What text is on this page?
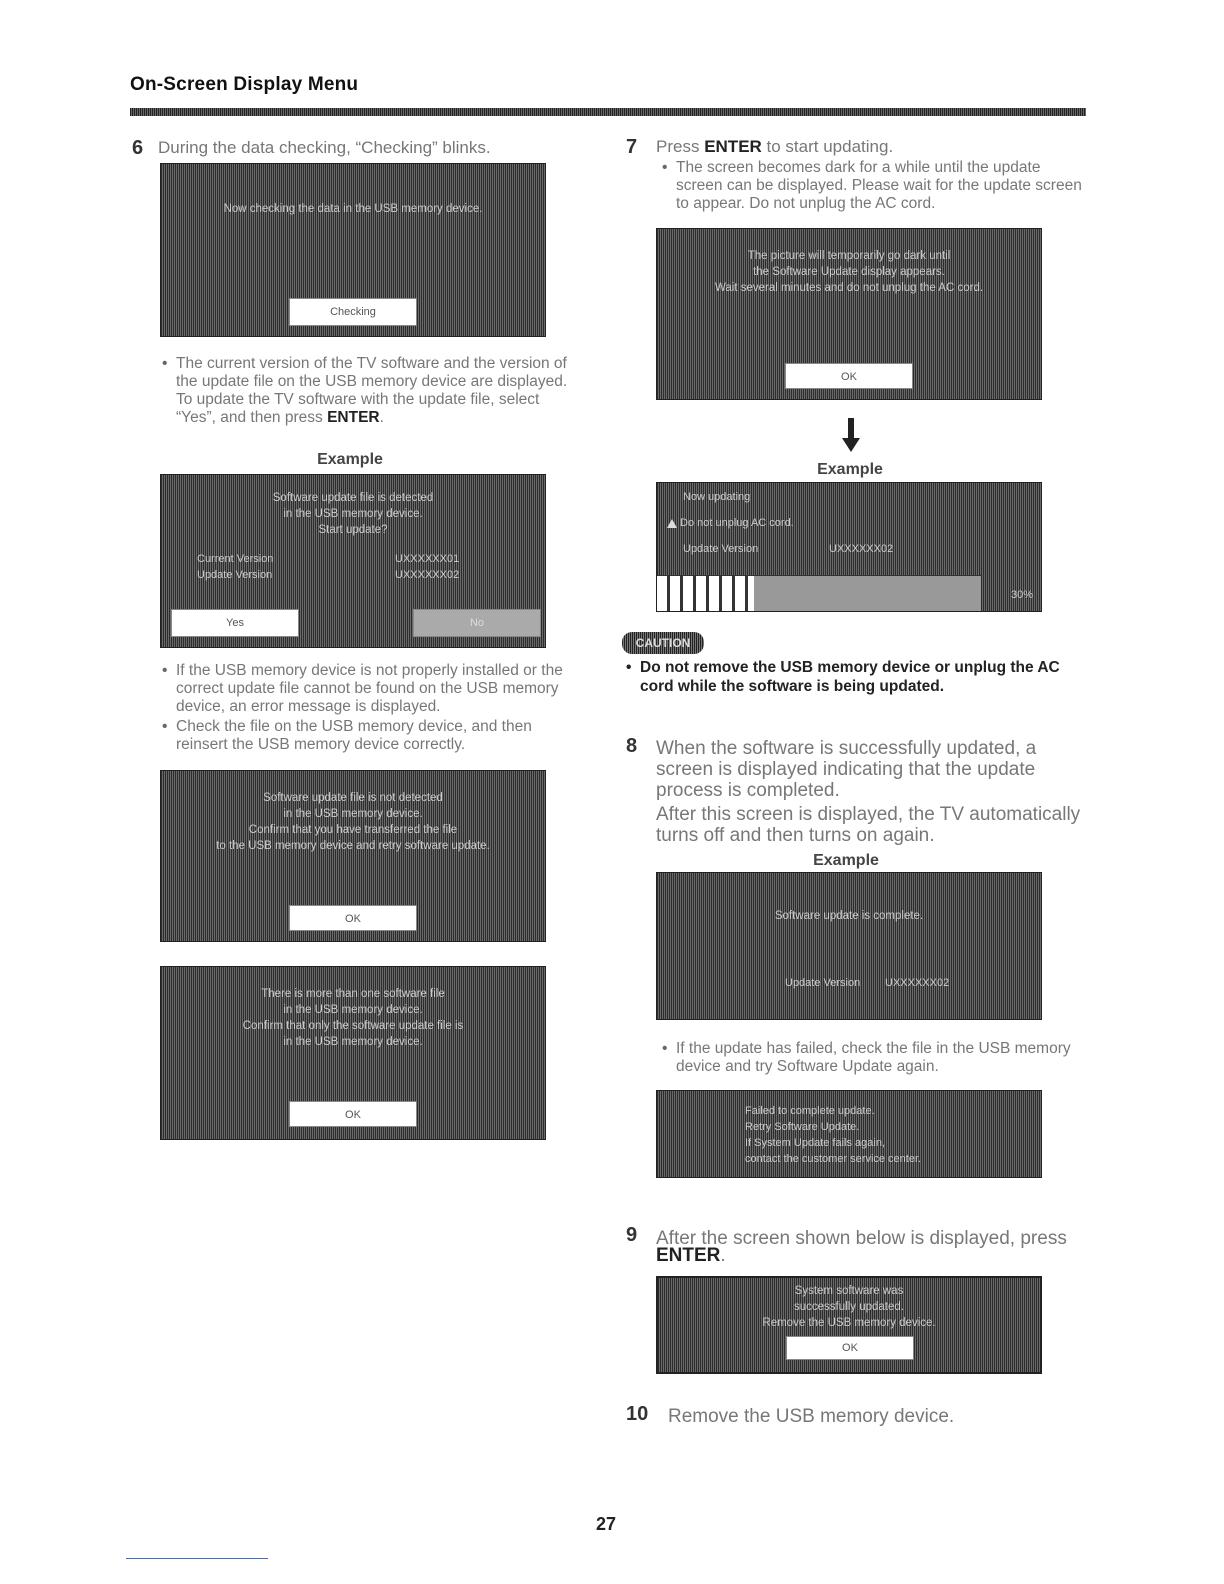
On-Screen Display Menu
6 During the data checking, “Checking” blinks.
Now checking the data in the USB memory device.
Checking
• The current version of the TV software and the version of the update file on the USB memory device are displayed. To update the TV software with the update file, select “Yes”, and then press ENTER.
Example
Software update file is detected
in the USB memory device.
Start update?
Current Version	UXXXXXX01
Update Version	UXXXXXX02
Yes	No
• If the USB memory device is not properly installed or the correct update file cannot be found on the USB memory device, an error message is displayed.
• Check the file on the USB memory device, and then reinsert the USB memory device correctly.
Software update file is not detected
in the USB memory device.
Confirm that you have transferred the file
to the USB memory device and retry software update.
OK
There is more than one software file
in the USB memory device.
Confirm that only the software update file is
in the USB memory device.
OK
7 Press ENTER to start updating.
• The screen becomes dark for a while until the update screen can be displayed. Please wait for the update screen to appear. Do not unplug the AC cord.
The picture will temporarily go dark until
the Software Update display appears.
Wait several minutes and do not unplug the AC cord.
OK
Example
Now updating
Do not unplug AC cord.
Update Version	UXXXXXX02
30%
CAUTION
• Do not remove the USB memory device or unplug the AC cord while the software is being updated.
8 When the software is successfully updated, a screen is displayed indicating that the update process is completed.
After this screen is displayed, the TV automatically turns off and then turns on again.
Example
Software update is complete.
Update Version UXXXXXX02
• If the update has failed, check the file in the USB memory device and try Software Update again.
Failed to complete update.
Retry Software Update.
If System Update fails again,
contact the customer service center.
9 After the screen shown below is displayed, press
ENTER.
System software was
successfully updated.
Remove the USB memory device.
OK
10 Remove the USB memory device.
27
